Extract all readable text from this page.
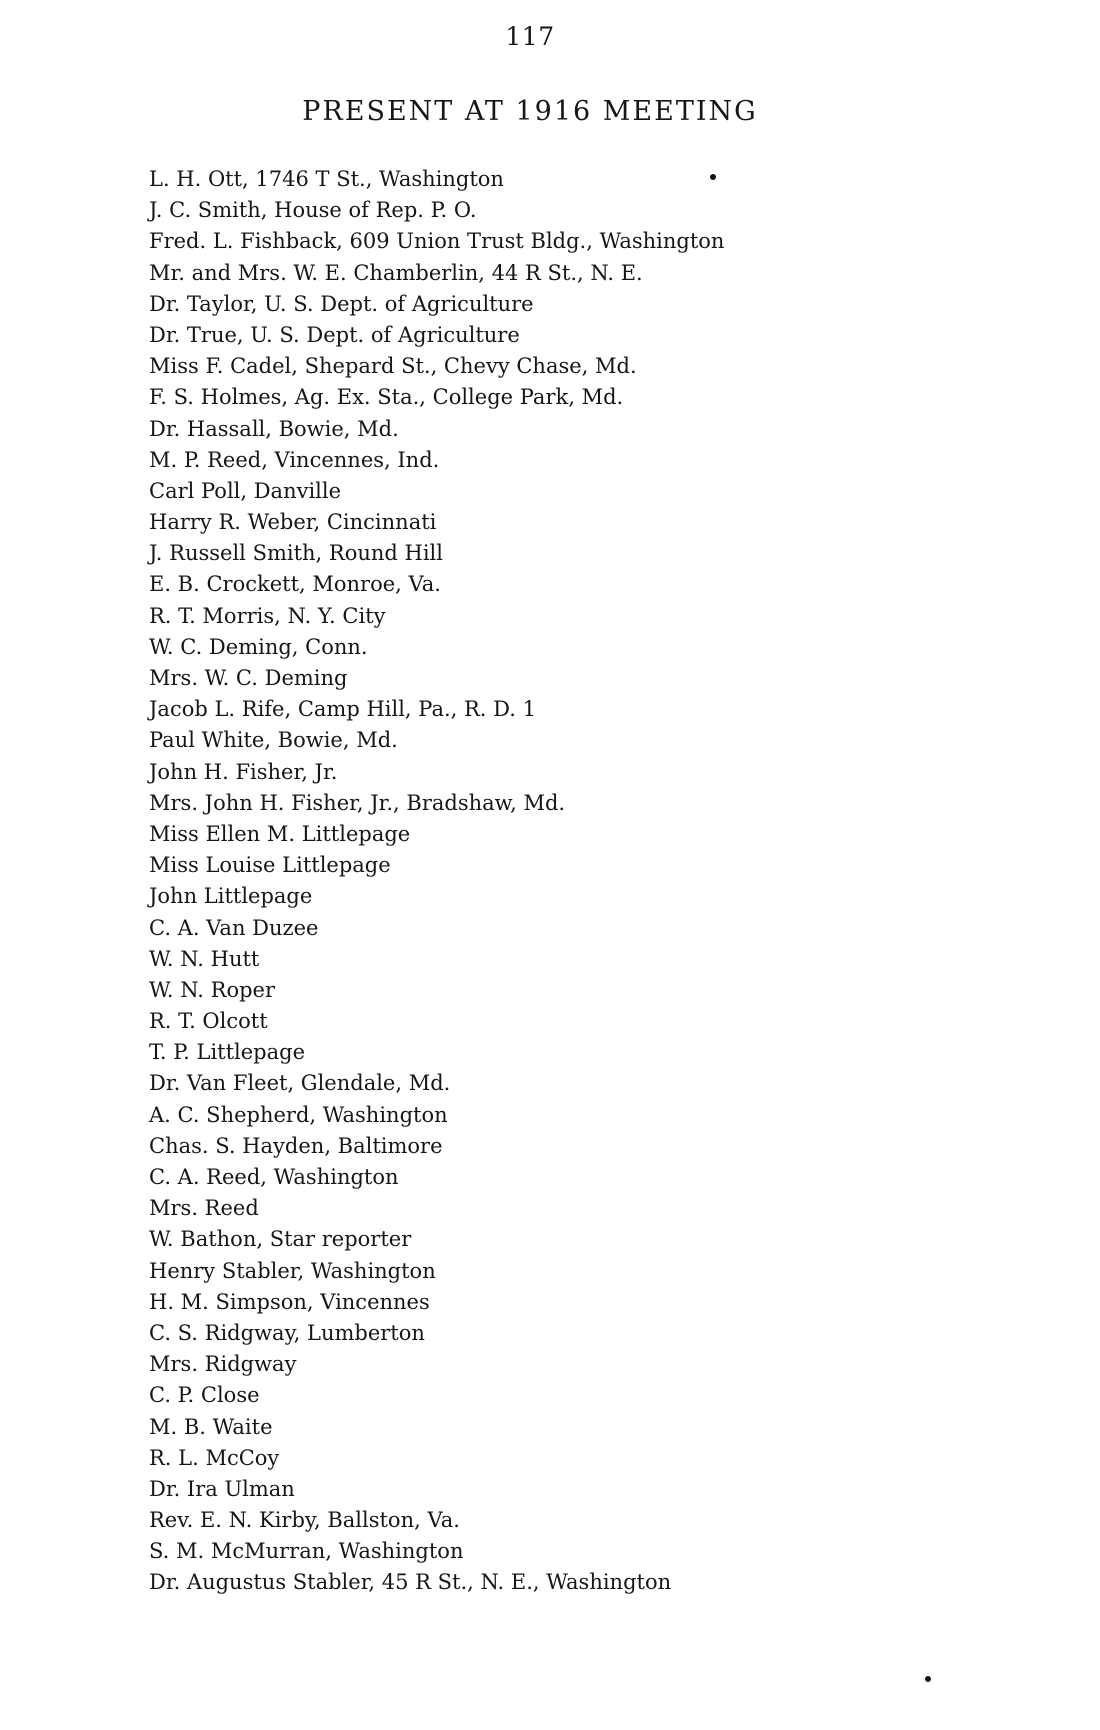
117
PRESENT AT 1916 MEETING
L. H. Ott, 1746 T St., Washington
J. C. Smith, House of Rep. P. O.
Fred. L. Fishback, 609 Union Trust Bldg., Washington
Mr. and Mrs. W. E. Chamberlin, 44 R St., N. E.
Dr. Taylor, U. S. Dept. of Agriculture
Dr. True, U. S. Dept. of Agriculture
Miss F. Cadel, Shepard St., Chevy Chase, Md.
F. S. Holmes, Ag. Ex. Sta., College Park, Md.
Dr. Hassall, Bowie, Md.
M. P. Reed, Vincennes, Ind.
Carl Poll, Danville
Harry R. Weber, Cincinnati
J. Russell Smith, Round Hill
E. B. Crockett, Monroe, Va.
R. T. Morris, N. Y. City
W. C. Deming, Conn.
Mrs. W. C. Deming
Jacob L. Rife, Camp Hill, Pa., R. D. 1
Paul White, Bowie, Md.
John H. Fisher, Jr.
Mrs. John H. Fisher, Jr., Bradshaw, Md.
Miss Ellen M. Littlepage
Miss Louise Littlepage
John Littlepage
C. A. Van Duzee
W. N. Hutt
W. N. Roper
R. T. Olcott
T. P. Littlepage
Dr. Van Fleet, Glendale, Md.
A. C. Shepherd, Washington
Chas. S. Hayden, Baltimore
C. A. Reed, Washington
Mrs. Reed
W. Bathon, Star reporter
Henry Stabler, Washington
H. M. Simpson, Vincennes
C. S. Ridgway, Lumberton
Mrs. Ridgway
C. P. Close
M. B. Waite
R. L. McCoy
Dr. Ira Ulman
Rev. E. N. Kirby, Ballston, Va.
S. M. McMurran, Washington
Dr. Augustus Stabler, 45 R St., N. E., Washington
